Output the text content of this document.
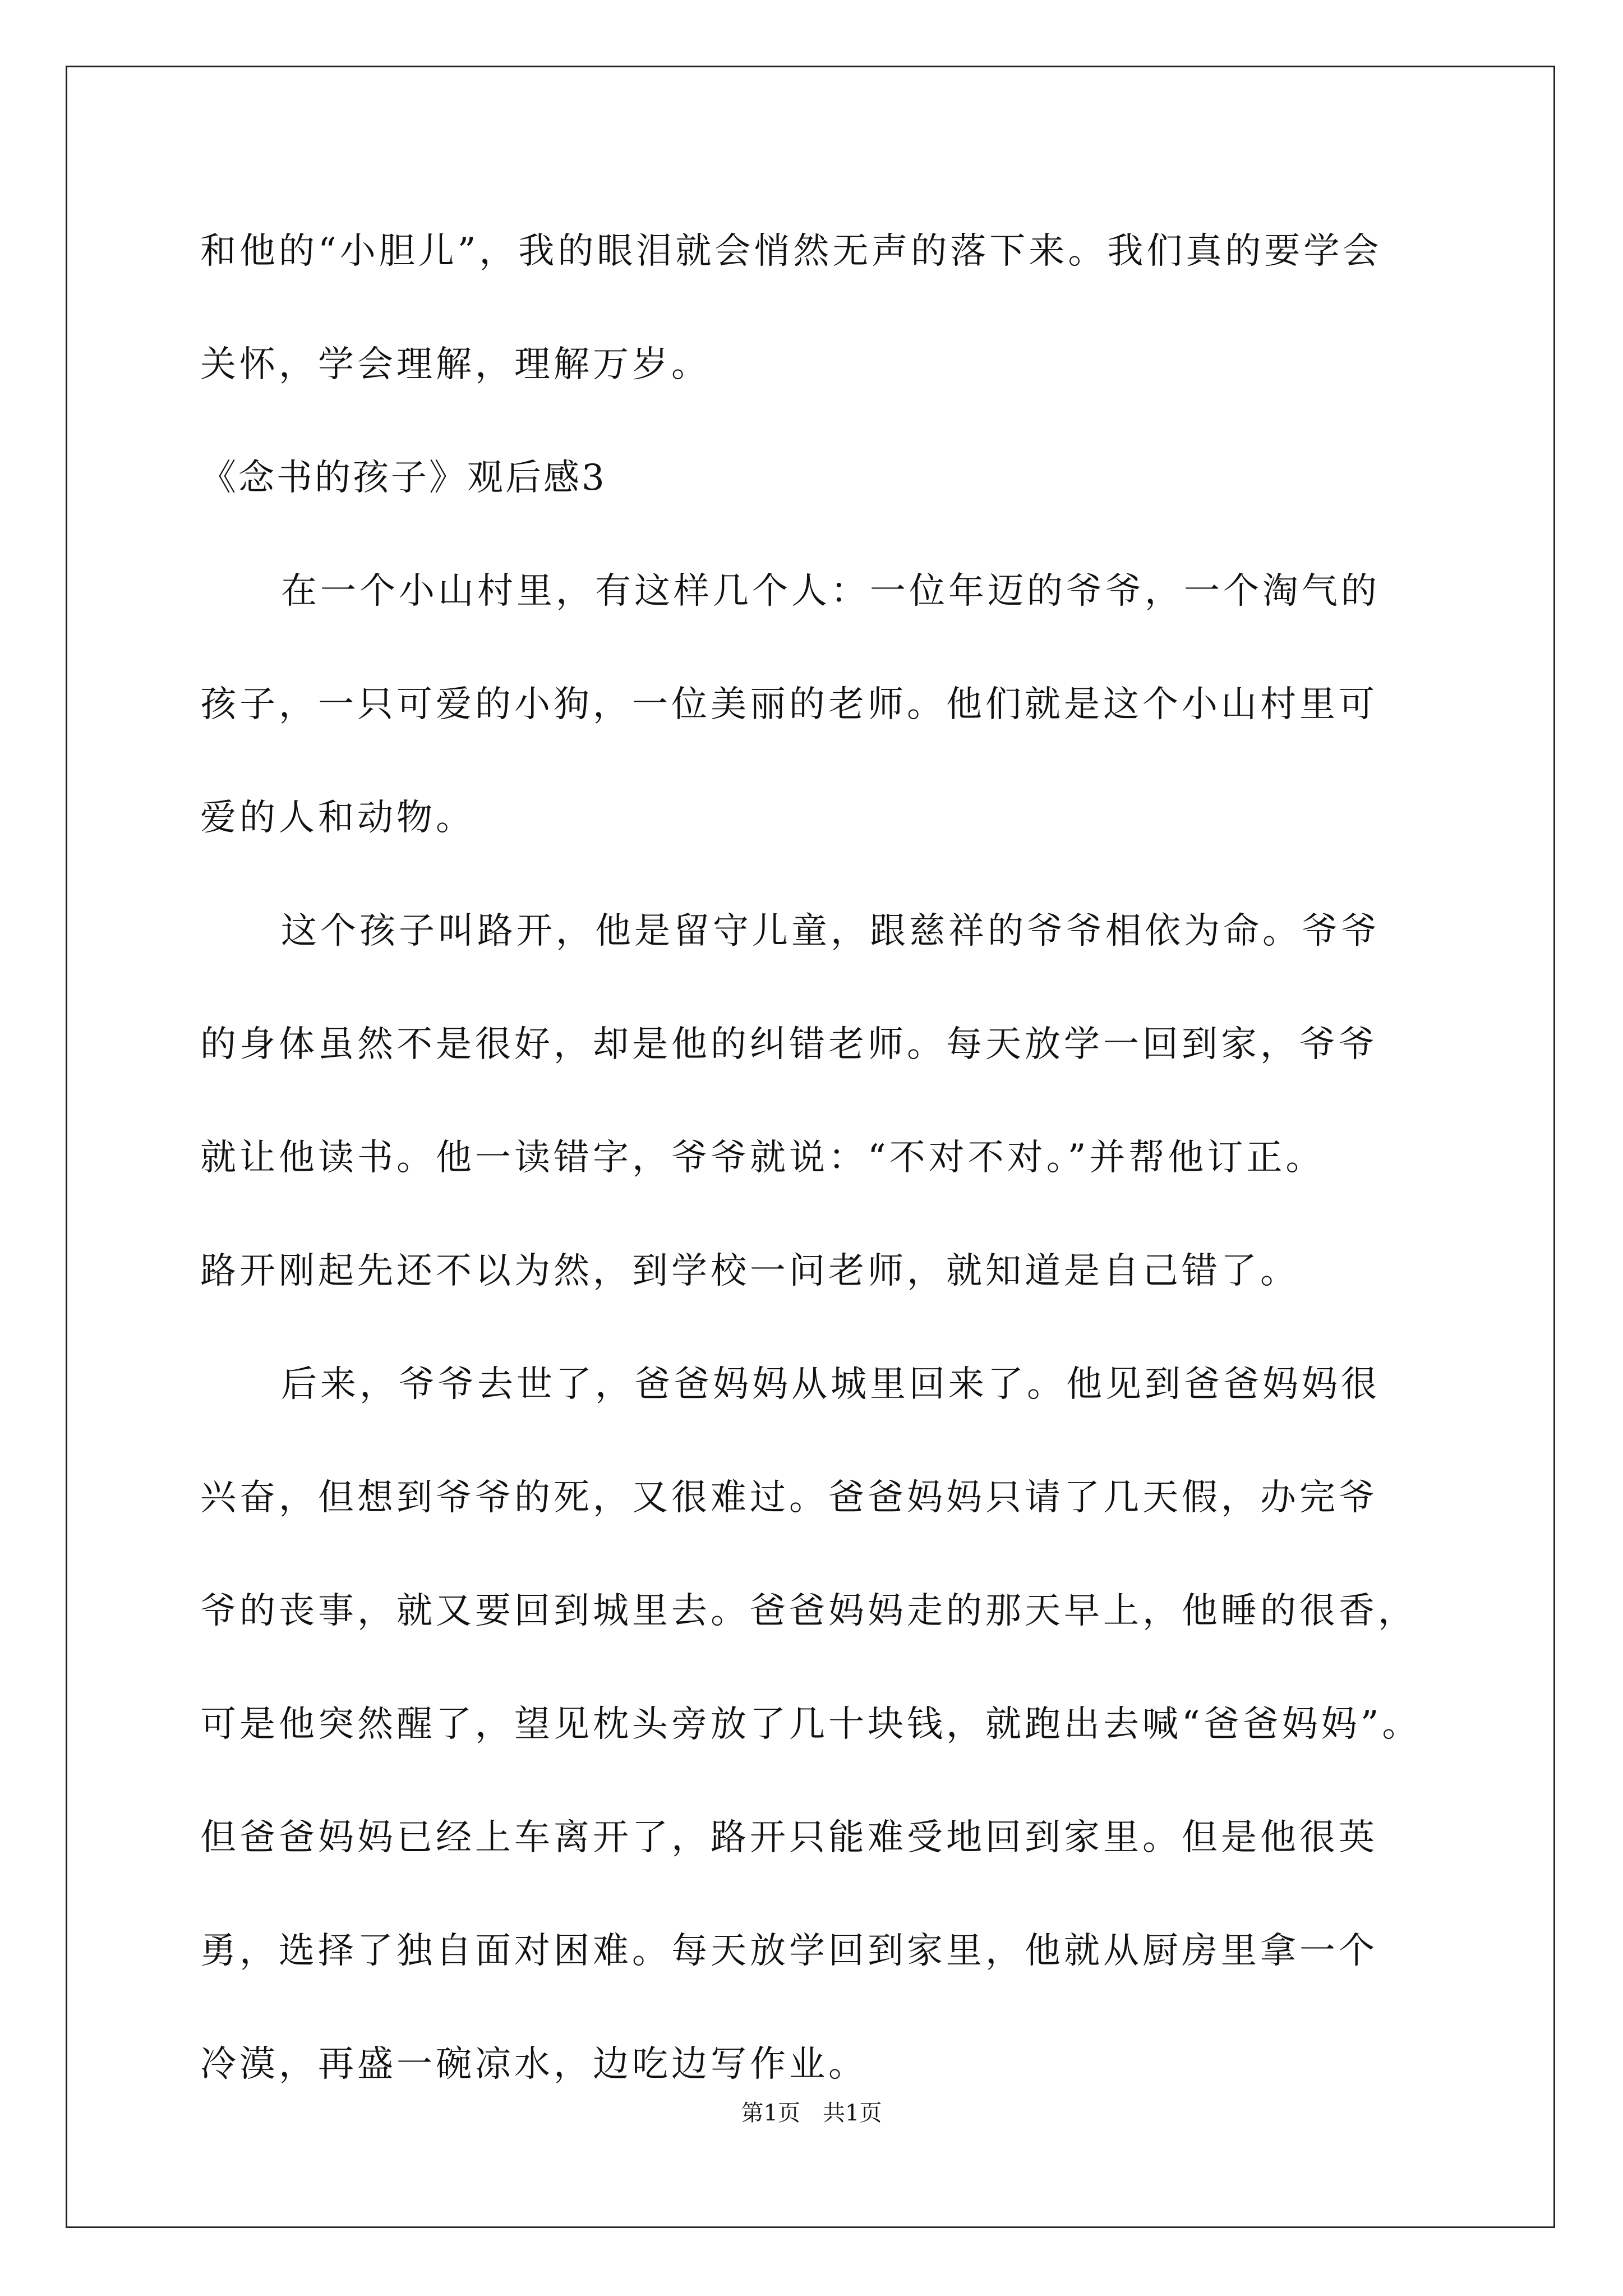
和他的“小胆儿”，我的眼泪就会悄然无声的落下来。我们真的要学会
关怀，学会理解，理解万岁。
《念书的孩子》观后感3
在一个小山村里，有这样几个人：一位年迈的爷爷，一个淘气的
孩子，一只可爱的小狗，一位美丽的老师。他们就是这个小山村里可
爱的人和动物。
这个孩子叫路开，他是留守儿童，跟慈祥的爷爷相依为命。爷爷
的身体虽然不是很好，却是他的纠错老师。每天放学一回到家，爷爷
就让他读书。他一读错字，爷爷就说：“不对不对。”并帮他订正。
路开刚起先还不以为然，到学校一问老师，就知道是自己错了。
后来，爷爷去世了，爸爸妈妈从城里回来了。他见到爸爸妈妈很
兴奋，但想到爷爷的死，又很难过。爸爸妈妈只请了几天假，办完爷
爷的丧事，就又要回到城里去。爸爸妈妈走的那天早上，他睡的很香，
可是他突然醒了，望见枕头旁放了几十块钱，就跑出去喊“爸爸妈妈”。
但爸爸妈妈已经上车离开了，路开只能难受地回到家里。但是他很英
勇，选择了独自面对困难。每天放学回到家里，他就从厨房里拿一个
冷漠，再盛一碗凉水，边吃边写作业。
第1页　共1页
